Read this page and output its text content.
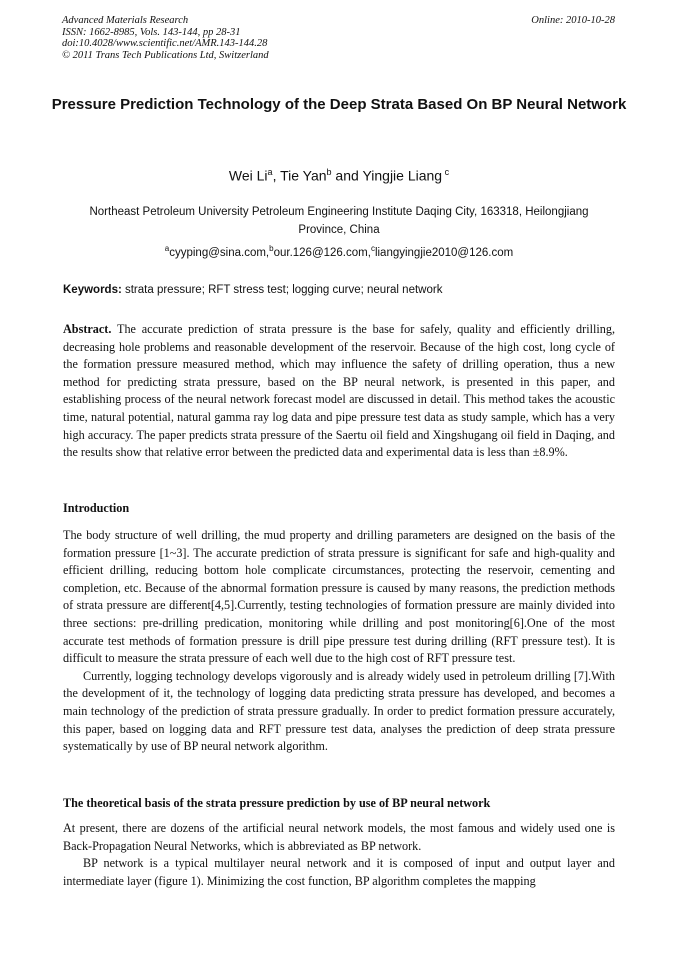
Advanced Materials Research
ISSN: 1662-8985, Vols. 143-144, pp 28-31
doi:10.4028/www.scientific.net/AMR.143-144.28
© 2011 Trans Tech Publications Ltd, Switzerland
Online: 2010-10-28
Pressure Prediction Technology of the Deep Strata Based On BP Neural Network
Wei Li$^a$, Tie Yan$^b$ and Yingjie Liang $^c$
Northeast Petroleum University Petroleum Engineering Institute Daqing City, 163318, Heilongjiang Province, China
$^a$cyyping@sina.com,$^b$our.126@126.com,$^c$liangyingjie2010@126.com
Keywords: strata pressure; RFT stress test; logging curve; neural network
Abstract. The accurate prediction of strata pressure is the base for safely, quality and efficiently drilling, decreasing hole problems and reasonable development of the reservoir. Because of the high cost, long cycle of the formation pressure measured method, which may influence the safety of drilling operation, thus a new method for predicting strata pressure, based on the BP neural network, is presented in this paper, and establishing process of the neural network forecast model are discussed in detail. This method takes the acoustic time, natural potential, natural gamma ray log data and pipe pressure test data as study sample, which has a very high accuracy. The paper predicts strata pressure of the Saertu oil field and Xingshugang oil field in Daqing, and the results show that relative error between the predicted data and experimental data is less than ±8.9%.
Introduction

The body structure of well drilling, the mud property and drilling parameters are designed on the basis of the formation pressure [1~3]. The accurate prediction of strata pressure is significant for safe and high-quality and efficient drilling, reducing bottom hole complicate circumstances, protecting the reservoir, cementing and completion, etc. Because of the abnormal formation pressure is caused by many reasons, the prediction methods of strata pressure are different[4,5].Currently, testing technologies of formation pressure are mainly divided into three sections: pre-drilling predication, monitoring while drilling and post monitoring[6].One of the most accurate test methods of formation pressure is drill pipe pressure test during drilling (RFT pressure test). It is difficult to measure the strata pressure of each well due to the high cost of RFT pressure test.

Currently, logging technology develops vigorously and is already widely used in petroleum drilling [7].With the development of it, the technology of logging data predicting strata pressure has developed, and becomes a main technology of the prediction of strata pressure gradually. In order to predict formation pressure accurately, this paper, based on logging data and RFT pressure test data, analyses the prediction of deep strata pressure systematically by use of BP neural network algorithm.

The theoretical basis of the strata pressure prediction by use of BP neural network

At present, there are dozens of the artificial neural network models, the most famous and widely used one is Back-Propagation Neural Networks, which is abbreviated as BP network.

BP network is a typical multilayer neural network and it is composed of input and output layer and intermediate layer (figure 1). Minimizing the cost function, BP algorithm completes the mapping
